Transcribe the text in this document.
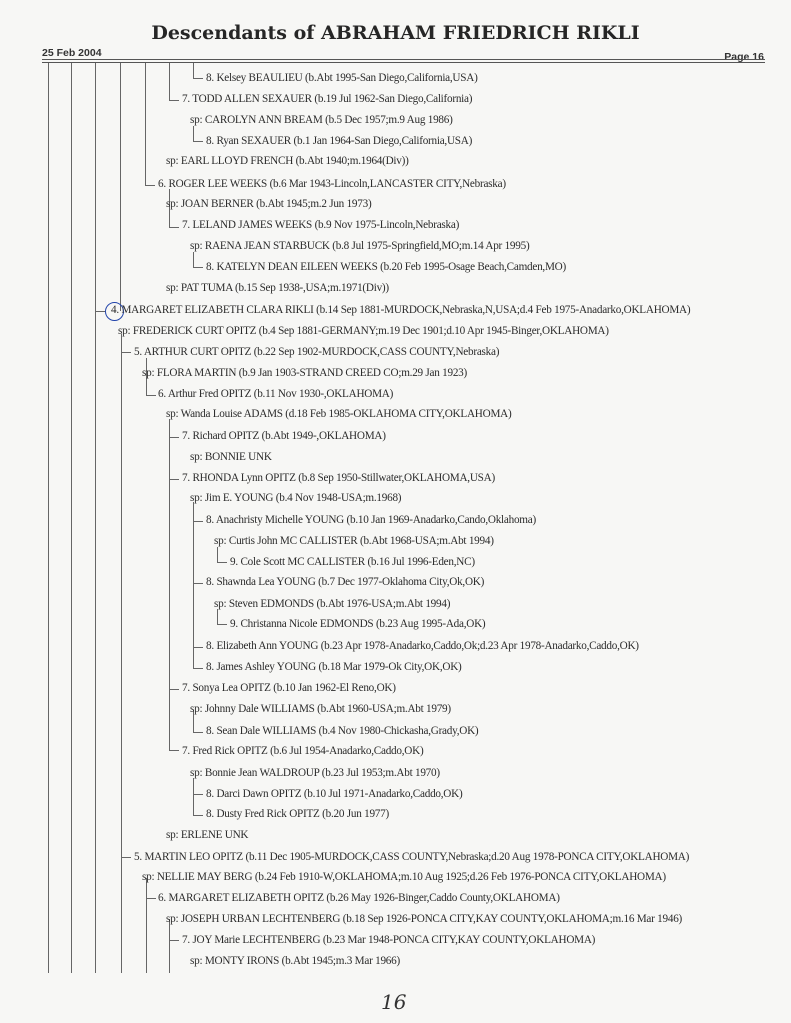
Descendants of ABRAHAM FRIEDRICH RIKLI
25 Feb 2004	Page 16
8. Kelsey BEAULIEU (b.Abt 1995-San Diego,California,USA)
7. TODD ALLEN SEXAUER (b.19 Jul 1962-San Diego,California)
sp: CAROLYN ANN BREAM (b.5 Dec 1957;m.9 Aug 1986)
8. Ryan SEXAUER (b.1 Jan 1964-San Diego,California,USA)
sp: EARL LLOYD FRENCH (b.Abt 1940;m.1964(Div))
6. ROGER LEE WEEKS (b.6 Mar 1943-Lincoln,LANCASTER CITY,Nebraska)
sp: JOAN BERNER (b.Abt 1945;m.2 Jun 1973)
7. LELAND JAMES WEEKS (b.9 Nov 1975-Lincoln,Nebraska)
sp: RAENA JEAN STARBUCK (b.8 Jul 1975-Springfield,MO;m.14 Apr 1995)
8. KATELYN DEAN EILEEN WEEKS (b.20 Feb 1995-Osage Beach,Camden,MO)
sp: PAT TUMA (b.15 Sep 1938-,USA;m.1971(Div))
4. MARGARET ELIZABETH CLARA RIKLI (b.14 Sep 1881-MURDOCK,Nebraska,N,USA;d.4 Feb 1975-Anadarko,OKLAHOMA)
sp: FREDERICK CURT OPITZ (b.4 Sep 1881-GERMANY;m.19 Dec 1901;d.10 Apr 1945-Binger,OKLAHOMA)
5. ARTHUR CURT OPITZ (b.22 Sep 1902-MURDOCK,CASS COUNTY,Nebraska)
sp: FLORA MARTIN (b.9 Jan 1903-STRAND CREED CO;m.29 Jan 1923)
6. Arthur Fred OPITZ (b.11 Nov 1930-,OKLAHOMA)
sp: Wanda Louise ADAMS (d.18 Feb 1985-OKLAHOMA CITY,OKLAHOMA)
7. Richard OPITZ (b.Abt 1949-,OKLAHOMA)
sp: BONNIE UNK
7. RHONDA Lynn OPITZ (b.8 Sep 1950-Stillwater,OKLAHOMA,USA)
sp: Jim E. YOUNG (b.4 Nov 1948-USA;m.1968)
8. Anachristy Michelle YOUNG (b.10 Jan 1969-Anadarko,Cando,Oklahoma)
sp: Curtis John MC CALLISTER (b.Abt 1968-USA;m.Abt 1994)
9. Cole Scott MC CALLISTER (b.16 Jul 1996-Eden,NC)
8. Shawnda Lea YOUNG (b.7 Dec 1977-Oklahoma City,Ok,OK)
sp: Steven EDMONDS (b.Abt 1976-USA;m.Abt 1994)
9. Christanna Nicole EDMONDS (b.23 Aug 1995-Ada,OK)
8. Elizabeth Ann YOUNG (b.23 Apr 1978-Anadarko,Caddo,Ok;d.23 Apr 1978-Anadarko,Caddo,OK)
8. James Ashley YOUNG (b.18 Mar 1979-Ok City,OK,OK)
7. Sonya Lea OPITZ (b.10 Jan 1962-El Reno,OK)
sp: Johnny Dale WILLIAMS (b.Abt 1960-USA;m.Abt 1979)
8. Sean Dale WILLIAMS (b.4 Nov 1980-Chickasha,Grady,OK)
7. Fred Rick OPITZ (b.6 Jul 1954-Anadarko,Caddo,OK)
sp: Bonnie Jean WALDROUP (b.23 Jul 1953;m.Abt 1970)
8. Darci Dawn OPITZ (b.10 Jul 1971-Anadarko,Caddo,OK)
8. Dusty Fred Rick OPITZ (b.20 Jun 1977)
sp: ERLENE UNK
5. MARTIN LEO OPITZ (b.11 Dec 1905-MURDOCK,CASS COUNTY,Nebraska;d.20 Aug 1978-PONCA CITY,OKLAHOMA)
sp: NELLIE MAY BERG (b.24 Feb 1910-W,OKLAHOMA;m.10 Aug 1925;d.26 Feb 1976-PONCA CITY,OKLAHOMA)
6. MARGARET ELIZABETH OPITZ (b.26 May 1926-Binger,Caddo County,OKLAHOMA)
sp: JOSEPH URBAN LECHTENBERG (b.18 Sep 1926-PONCA CITY,KAY COUNTY,OKLAHOMA;m.16 Mar 1946)
7. JOY Marie LECHTENBERG (b.23 Mar 1948-PONCA CITY,KAY COUNTY,OKLAHOMA)
sp: MONTY IRONS (b.Abt 1945;m.3 Mar 1966)
16
